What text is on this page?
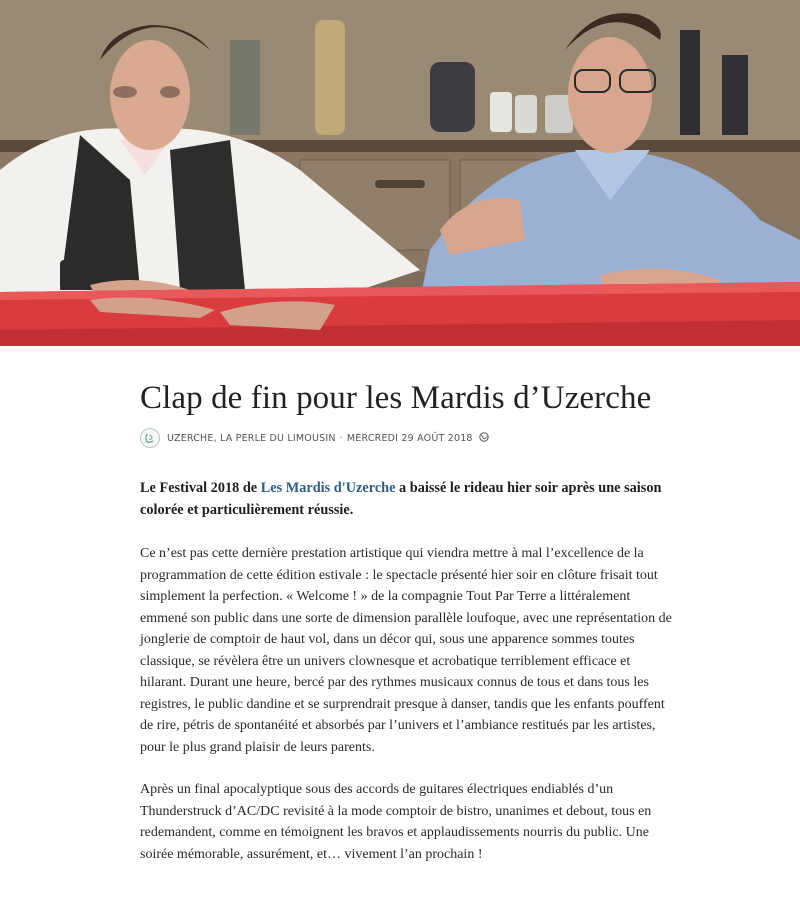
Clap de fin pour les Mardis d’Uzerche
UZERCHE, LA PERLE DU LIMOUSIN · MERCREDI 29 AOÛT 2018

Le Festival 2018 de Les Mardis d'Uzerche a baissé le rideau hier soir après une saison colorée et particulièrement réussie.

Ce n’est pas cette dernière prestation artistique qui viendra mettre à mal l’excellence de la programmation de cette édition estivale : le spectacle présenté hier soir en clôture frisait tout simplement la perfection. « Welcome ! » de la compagnie Tout Par Terre a littéralement emmené son public dans une sorte de dimension parallèle loufoque, avec une représentation de jonglerie de comptoir de haut vol, dans un décor qui, sous une apparence sommes toutes classique, se révèlera être un univers clownesque et acrobatique terriblement efficace et hilarant. Durant une heure, bercé par des rythmes musicaux connus de tous et dans tous les registres, le public dandine et se surprendrait presque à danser, tandis que les enfants pouffent de rire, pétris de spontanéité et absorbés par l’univers et l’ambiance restitués par les artistes, pour le plus grand plaisir de leurs parents.

Après un final apocalyptique sous des accords de guitares électriques endiablés d’un Thunderstruck d’AC/DC revisité à la mode comptoir de bistro, unanimes et debout, tous en redemandent, comme en témoignent les bravos et applaudissements nourris du public. Une soirée mémorable, assurément, et… vivement l’an prochain !
